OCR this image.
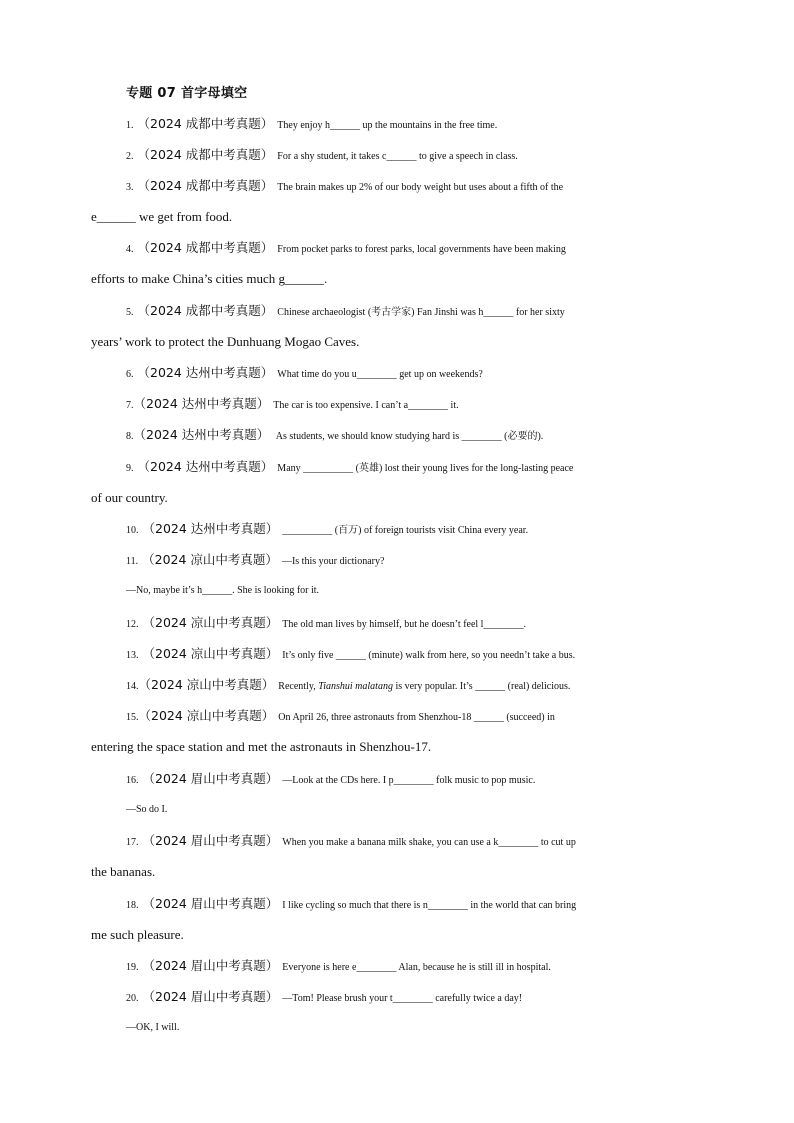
专题 07 首字母填空
1. （2024 成都中考真题） They enjoy h______ up the mountains in the free time.
2. （2024 成都中考真题） For a shy student, it takes c______ to give a speech in class.
3. （2024 成都中考真题） The brain makes up 2% of our body weight but uses about a fifth of the
e______ we get from food.
4. （2024 成都中考真题） From pocket parks to forest parks, local governments have been making
efforts to make China’s cities much g______.
5. （2024 成都中考真题） Chinese archaeologist (考古学家) Fan Jinshi was h______ for her sixty
years’ work to protect the Dunhuang Mogao Caves.
6. （2024 达州中考真题） What time do you u________ get up on weekends?
7.（2024 达州中考真题） The car is too expensive. I can’t a________ it.
8.（2024 达州中考真题） As students, we should know studying hard is ________ (必要的).
9. （2024 达州中考真题） Many __________ (英雄) lost their young lives for the long-lasting peace
of our country.
10. （2024 达州中考真题） __________ (百万) of foreign tourists visit China every year.
11. （2024 凉山中考真题） —Is this your dictionary?
—No, maybe it’s h______. She is looking for it.
12. （2024 凉山中考真题） The old man lives by himself, but he doesn’t feel l________.
13. （2024 凉山中考真题） It’s only five ______ (minute) walk from here, so you needn’t take a bus.
14.（2024 凉山中考真题） Recently, Tianshui malatang is very popular. It’s ______ (real) delicious.
15.（2024 凉山中考真题） On April 26, three astronauts from Shenzhou-18 ______ (succeed) in
entering the space station and met the astronauts in Shenzhou-17.
16. （2024 眉山中考真题） —Look at the CDs here. I p________ folk music to pop music.
—So do I.
17. （2024 眉山中考真题） When you make a banana milk shake, you can use a k________ to cut up
the bananas.
18. （2024 眉山中考真题） I like cycling so much that there is n________ in the world that can bring
me such pleasure.
19. （2024 眉山中考真题） Everyone is here e________ Alan, because he is still ill in hospital.
20. （2024 眉山中考真题） —Tom! Please brush your t________ carefully twice a day!
—OK, I will.
